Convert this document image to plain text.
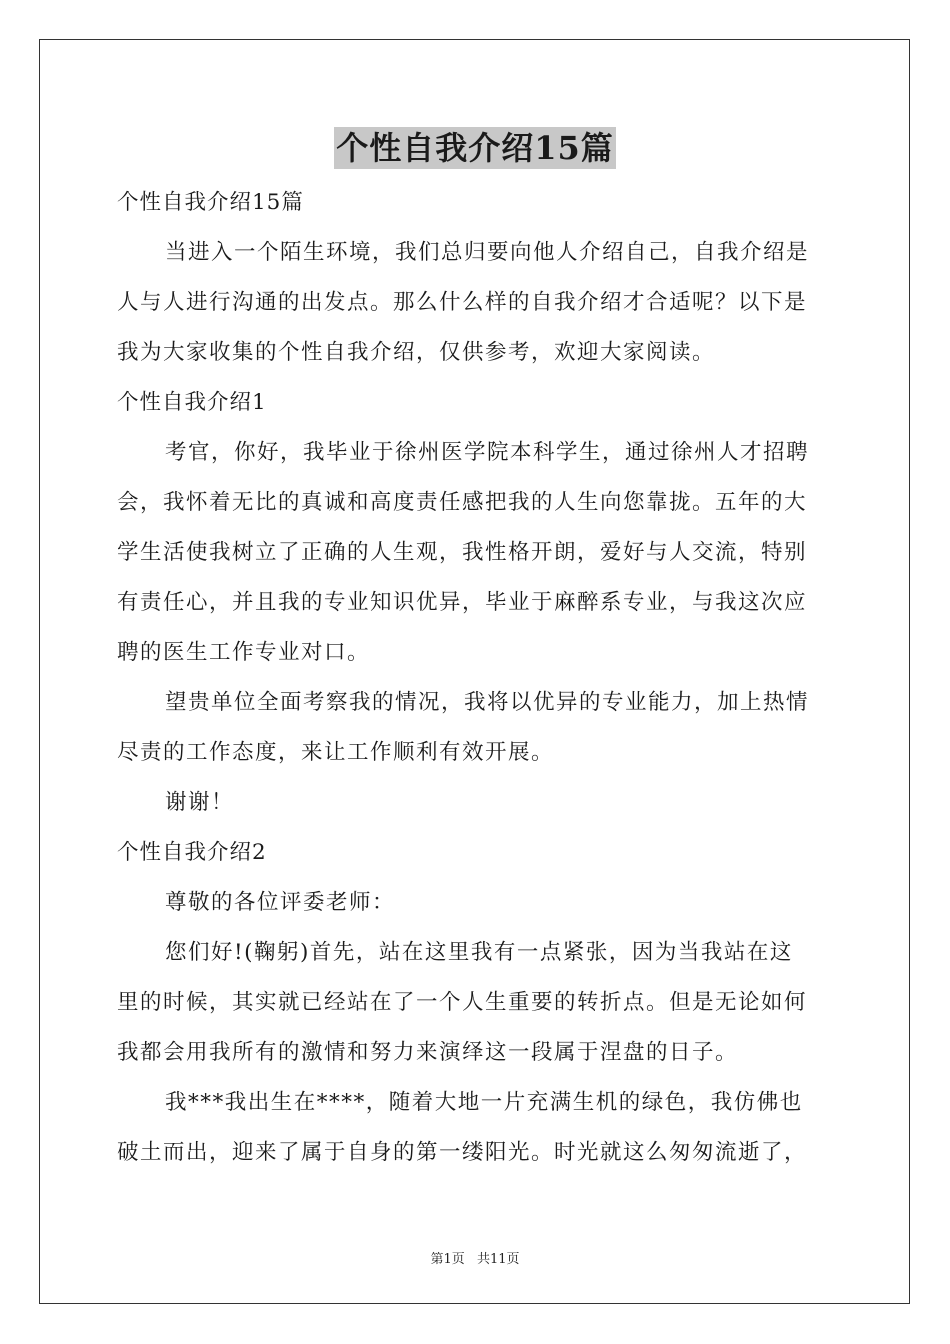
个性自我介绍15篇
个性自我介绍15篇
当进入一个陌生环境，我们总归要向他人介绍自己，自我介绍是
人与人进行沟通的出发点。那么什么样的自我介绍才合适呢？以下是
我为大家收集的个性自我介绍，仅供参考，欢迎大家阅读。
个性自我介绍1
考官，你好，我毕业于徐州医学院本科学生，通过徐州人才招聘
会，我怀着无比的真诚和高度责任感把我的人生向您靠拢。五年的大
学生活使我树立了正确的人生观，我性格开朗，爱好与人交流，特别
有责任心，并且我的专业知识优异，毕业于麻醉系专业，与我这次应
聘的医生工作专业对口。
望贵单位全面考察我的情况，我将以优异的专业能力，加上热情
尽责的工作态度，来让工作顺利有效开展。
谢谢！
个性自我介绍2
尊敬的各位评委老师：
您们好!(鞠躬)首先，站在这里我有一点紧张，因为当我站在这
里的时候，其实就已经站在了一个人生重要的转折点。但是无论如何
我都会用我所有的激情和努力来演绎这一段属于涅盘的日子。
我***我出生在****，随着大地一片充满生机的绿色，我仿佛也
破土而出，迎来了属于自身的第一缕阳光。时光就这么匆匆流逝了，
第1页 共11页
